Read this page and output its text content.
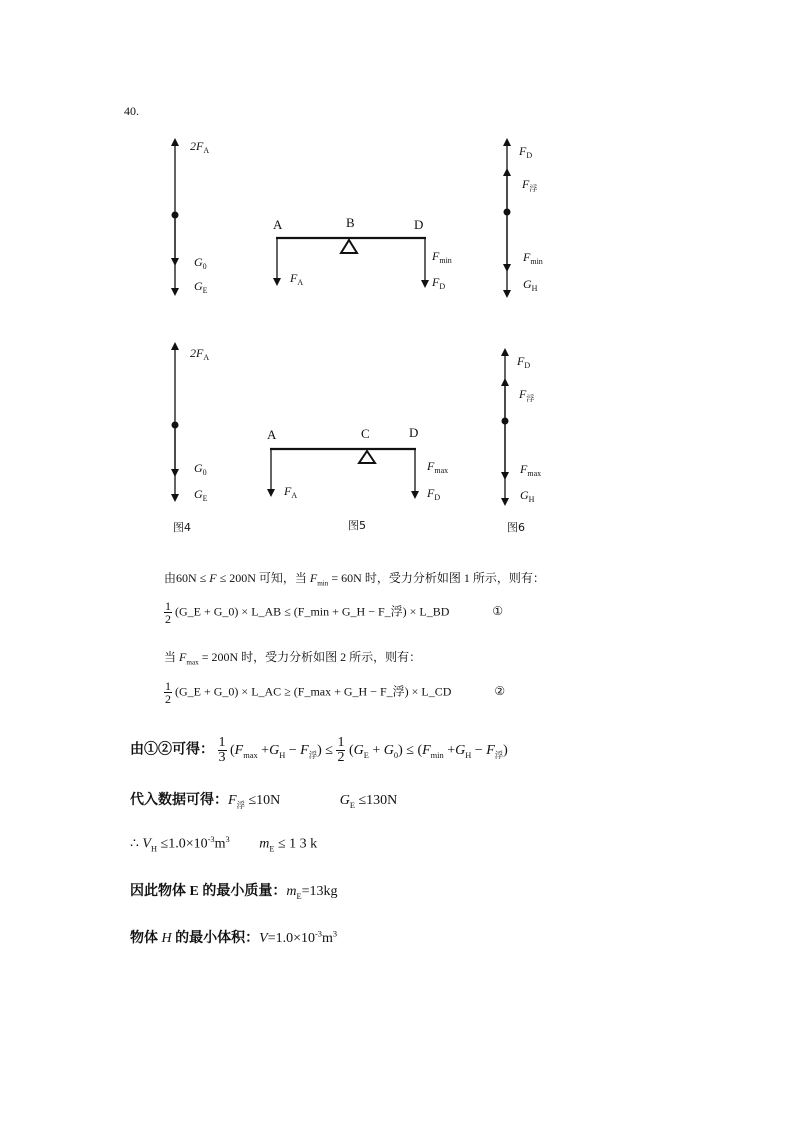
40.
$2F_A$
$G_0$
$G_E$
A	B	D
$F_A$
$F_{min}$
$F_D$
$F_D$
$F_浮$
$F_{min}$
$G_H$
$2F_A$
$G_0$
$G_E$
A	C	D
$F_A$
$F_{max}$
$F_D$
$F_D$
$F_浮$
$F_{max}$
$G_H$
图4	图5	图6
由60N ≤ F ≤ 200N 可知，当 $F_{min} = 60N$ 时，受力分析如图 1 所示，则有：
$\frac{1}{2}$ (G_E + G_0) × L_AB ≤ (F_min + G_H − F_浮) × L_BD	①
当 $F_{max} = 200N$ 时，受力分析如图 2 所示，则有：
$\frac{1}{2}$ (G_E + G_0) × L_AC ≥ (F_max + G_H − F_浮) × L_CD	②
由①②可得： $\frac{1}{3} (F_{max} +G_H - F_浮) \le \frac{1}{2} (G_E + G_0) \le (F_{min} +G_H - F_浮)$
代入数据可得：$F_浮 \le 10N$	$G_E \le 130N$
∴ $V_H \le 1.0\times 10^{-3}m^3$ $m_E \le 1$ 3 k
因此物体 E 的最小质量：$m_E=13kg$
物体 H 的最小体积：$V=1.0\times 10^{-3}m^3$
